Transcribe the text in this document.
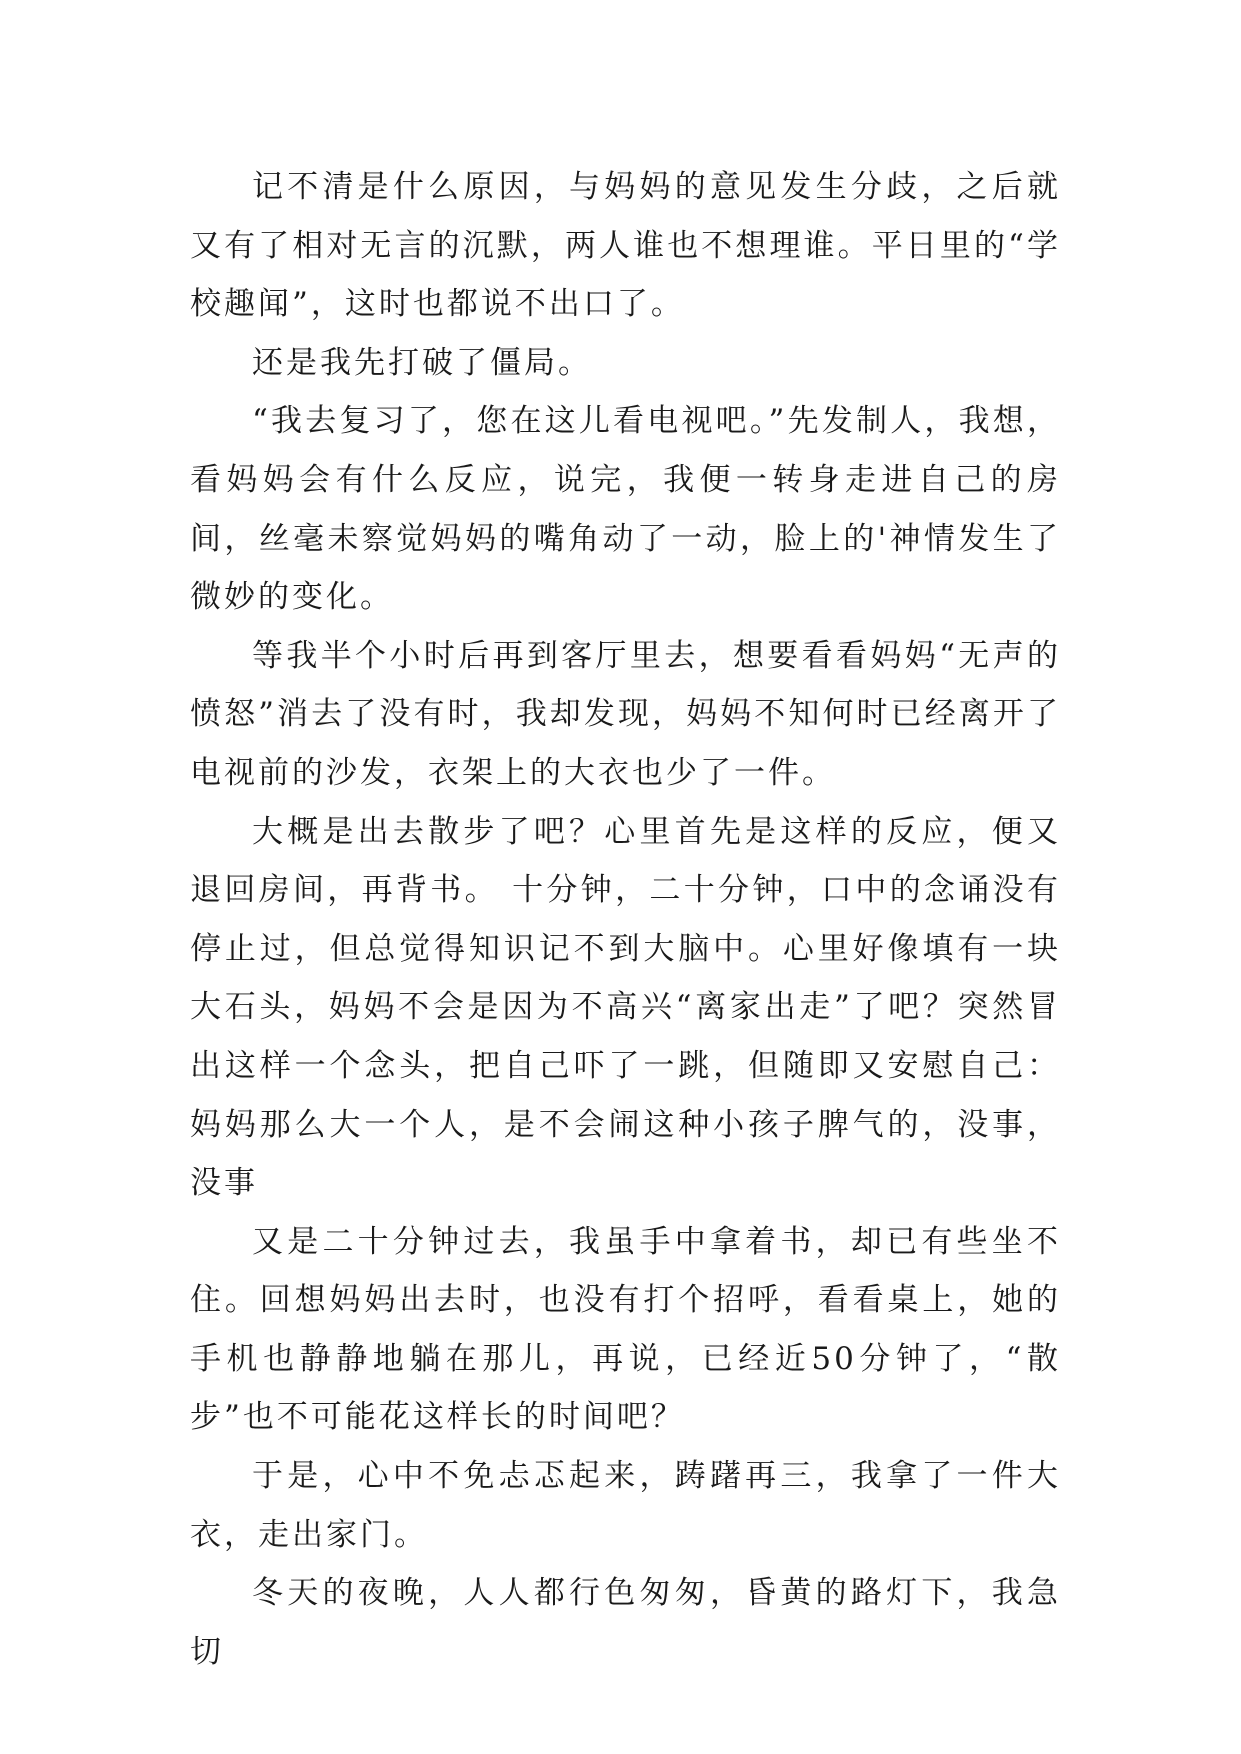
记不清是什么原因，与妈妈的意见发生分歧，之后就又有了相对无言的沉默，两人谁也不想理谁。平日里的“学校趣闻”，这时也都说不出口了。

还是我先打破了僵局。

“我去复习了，您在这儿看电视吧。”先发制人，我想，看妈妈会有什么反应，说完，我便一转身走进自己的房间，丝毫未察觉妈妈的嘴角动了一动，脸上的'神情发生了微妙的变化。

等我半个小时后再到客厅里去，想要看看妈妈“无声的愤怒”消去了没有时，我却发现，妈妈不知何时已经离开了电视前的沙发，衣架上的大衣也少了一件。

大概是出去散步了吧？心里首先是这样的反应，便又退回房间，再背书。 十分钟，二十分钟，口中的念诵没有停止过，但总觉得知识记不到大脑中。心里好像填有一块大石头，妈妈不会是因为不高兴“离家出走”了吧？突然冒出这样一个念头，把自己吓了一跳，但随即又安慰自己：妈妈那么大一个人，是不会闹这种小孩子脾气的，没事，没事

又是二十分钟过去，我虽手中拿着书，却已有些坐不住。回想妈妈出去时，也没有打个招呼，看看桌上，她的手机也静静地躺在那儿，再说，已经近50分钟了，“散步”也不可能花这样长的时间吧？

于是，心中不免忐忑起来，踌躇再三，我拿了一件大衣，走出家门。

冬天的夜晚，人人都行色匆匆，昏黄的路灯下，我急切
